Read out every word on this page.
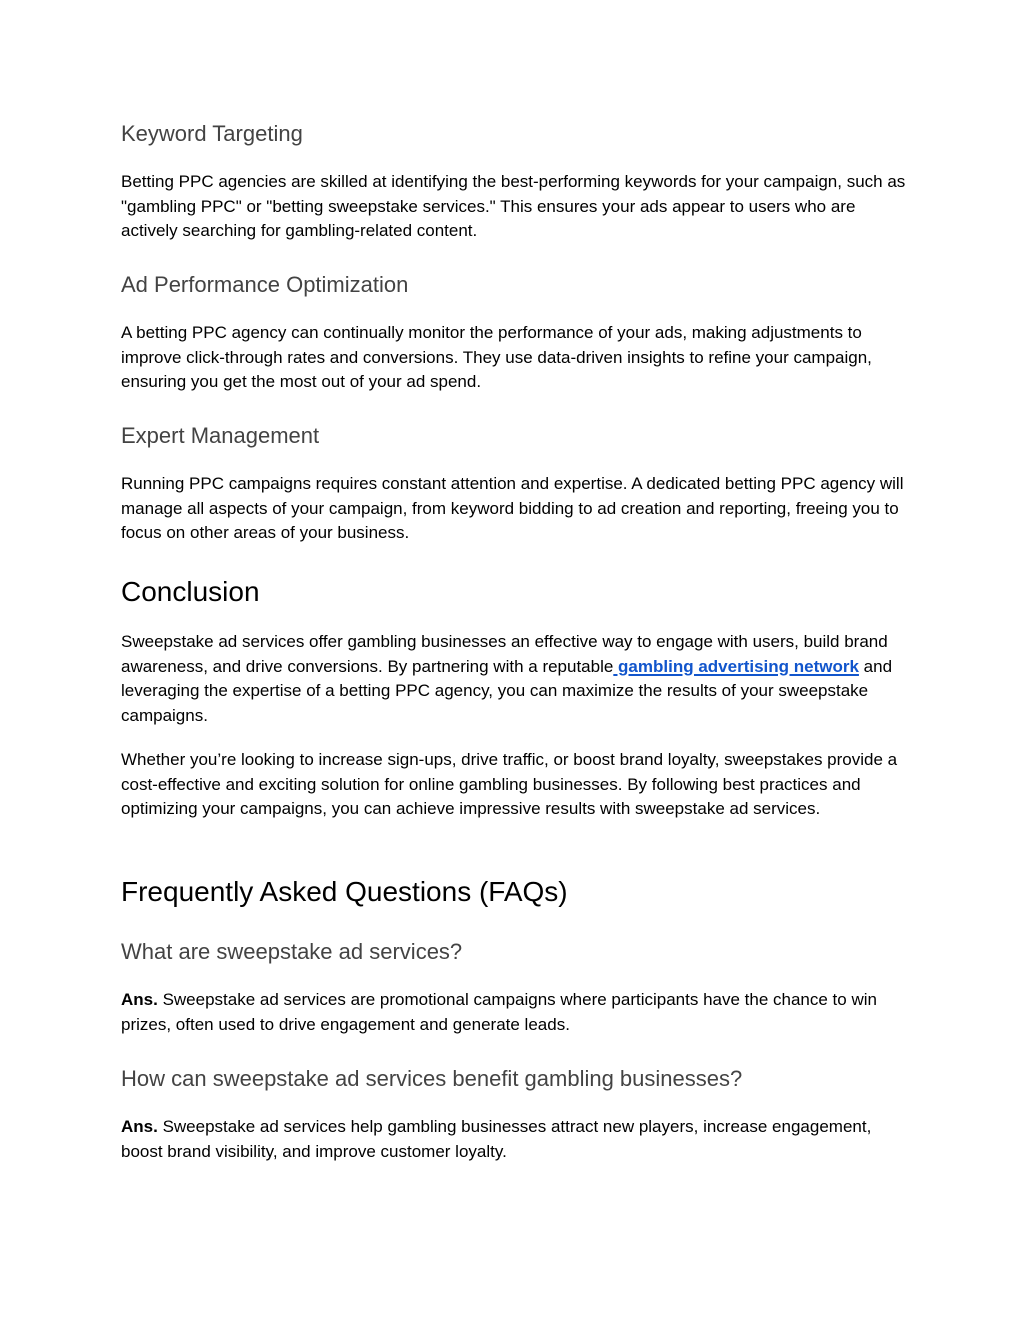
Keyword Targeting

Betting PPC agencies are skilled at identifying the best-performing keywords for your campaign, such as "gambling PPC" or "betting sweepstake services." This ensures your ads appear to users who are actively searching for gambling-related content.

Ad Performance Optimization

A betting PPC agency can continually monitor the performance of your ads, making adjustments to improve click-through rates and conversions. They use data-driven insights to refine your campaign, ensuring you get the most out of your ad spend.

Expert Management

Running PPC campaigns requires constant attention and expertise. A dedicated betting PPC agency will manage all aspects of your campaign, from keyword bidding to ad creation and reporting, freeing you to focus on other areas of your business.

Conclusion

Sweepstake ad services offer gambling businesses an effective way to engage with users, build brand awareness, and drive conversions. By partnering with a reputable gambling advertising network and leveraging the expertise of a betting PPC agency, you can maximize the results of your sweepstake campaigns.

Whether you’re looking to increase sign-ups, drive traffic, or boost brand loyalty, sweepstakes provide a cost-effective and exciting solution for online gambling businesses. By following best practices and optimizing your campaigns, you can achieve impressive results with sweepstake ad services.

Frequently Asked Questions (FAQs)
What are sweepstake ad services?

Ans. Sweepstake ad services are promotional campaigns where participants have the chance to win prizes, often used to drive engagement and generate leads.

How can sweepstake ad services benefit gambling businesses?

Ans. Sweepstake ad services help gambling businesses attract new players, increase engagement, boost brand visibility, and improve customer loyalty.
